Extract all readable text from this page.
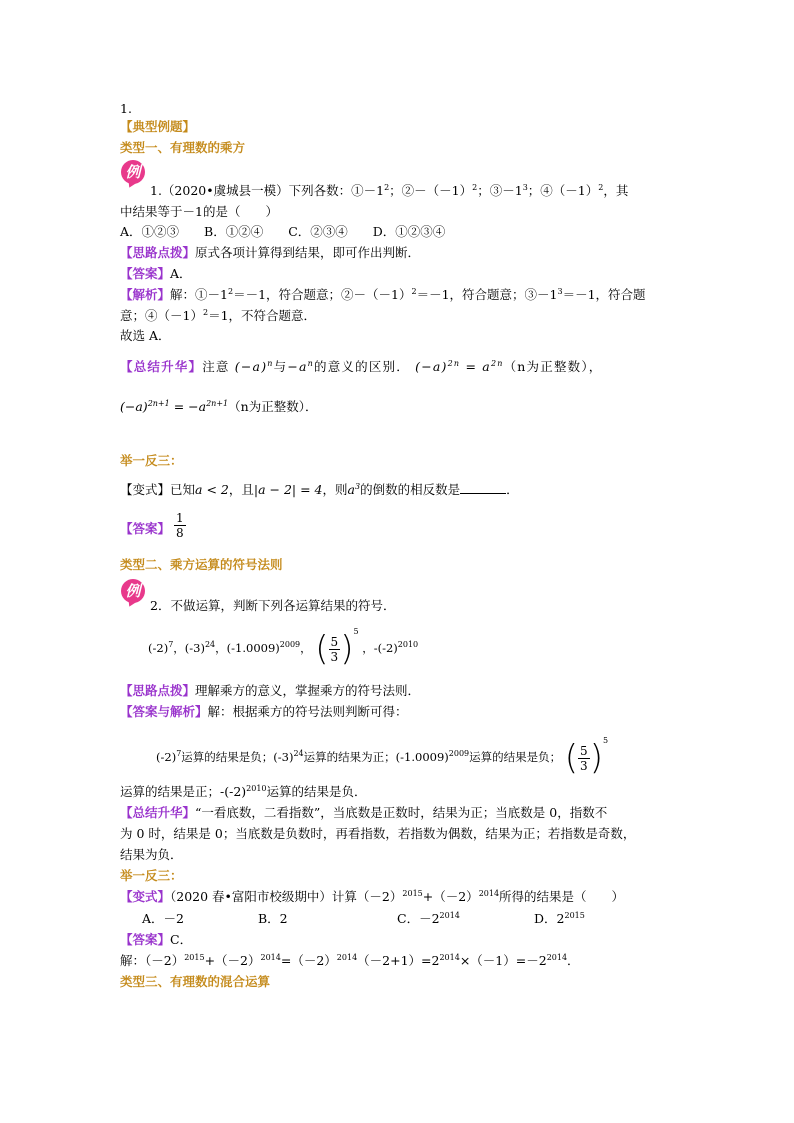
1.
【典型例题】
类型一、有理数的乘方
例
1.（2020•虞城县一模）下列各数：$①-1^2$；$②-(-1)^2$；$③-1^3$；$④(-1)^2$，其
中结果等于－1的是（　　）
A．①②③　　B．①②④　　C．②③④　　D．①②③④
【思路点拨】原式各项计算得到结果，即可作出判断．
【答案】A．
【解析】解：$①-1^2=-1$，符合题意；$②-(-1)^2=-1$，符合题意；$③-1^3=-1$，符合题
意；$④(-1)^2=1$，不符合题意．
故选 A．
【总结升华】注意 $(-a)^n$与$-a^n$的意义的区别． $(-a)^{2n} = a^{2n}(n$为正整数），
$(-a)^{2n+1} = -a^{2n+1}(n$为正整数）．
举一反三：
【变式】已知a < 2，且|a − 2| = 4，则$a^3$的倒数的相反数是	．
【答案】 $\frac{1}{8}$
类型二、乘方运算的符号法则
例
2．不做运算，判断下列各运算结果的符号．
$(-2)^7$，$(-3)^{24}$，$(-1.0009)^{2009}$， ( $\frac{5}{3} )^5$ ，$-(-2)^{2010}$
【思路点拨】理解乘方的意义，掌握乘方的符号法则．
【答案与解析】解：根据乘方的符号法则判断可得：
$(-2)^7$运算的结果是负；$(-3)^{24}$运算的结果为正；$(-1.0009)^{2009}$运算的结果是负； ( $\frac{5}{3} )^5$
运算的结果是正；$-(-2)^{2010}$运算的结果是负．
【总结升华】“一看底数，二看指数”，当底数是正数时，结果为正；当底数是 0，指数不
为 0 时，结果是 0；当底数是负数时，再看指数，若指数为偶数，结果为正；若指数是奇数，
结果为负．
举一反三：
【变式】（2020 春•富阳市校级期中）计算$(-2)^{2015}+(-2)^{2014}$所得的结果是（　　）
A．－2	B．2	C．$-2^{2014}$	D．$2^{2015}$
【答案】C．
解：$(-2)^{2015}+(-2)^{2014}=(-2)^{2014}(-2+1)=2^{2014}\times(-1)=-2^{2014}$．
类型三、有理数的混合运算
